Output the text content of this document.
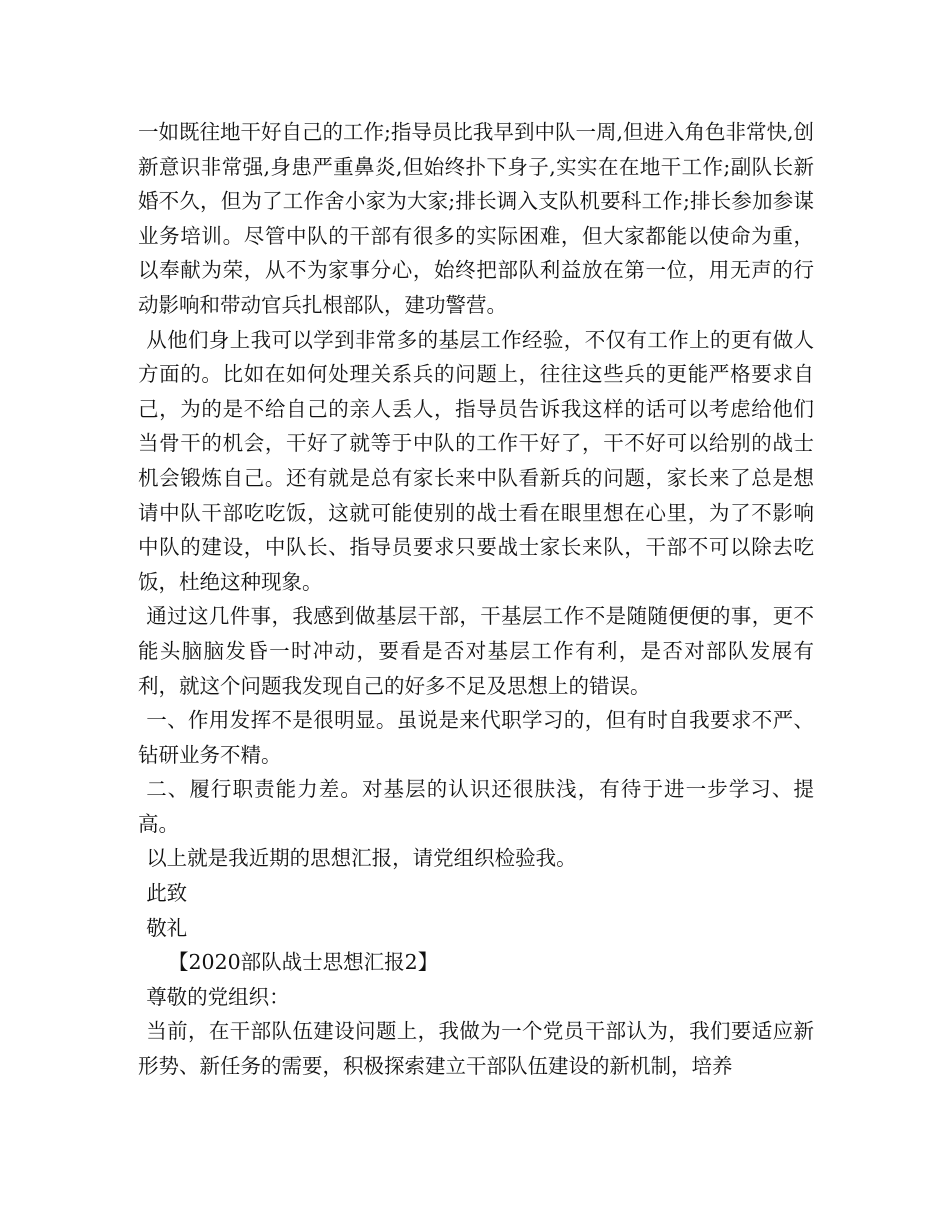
一如既往地干好自己的工作;指导员比我早到中队一周,但进入角色非常快,创新意识非常强,身患严重鼻炎,但始终扑下身子,实实在在地干工作;副队长新婚不久，但为了工作舍小家为大家;排长调入支队机要科工作;排长参加参谋业务培训。尽管中队的干部有很多的实际困难，但大家都能以使命为重，以奉献为荣，从不为家事分心，始终把部队利益放在第一位，用无声的行动影响和带动官兵扎根部队，建功警营。

从他们身上我可以学到非常多的基层工作经验，不仅有工作上的更有做人方面的。比如在如何处理关系兵的问题上，往往这些兵的更能严格要求自己，为的是不给自己的亲人丢人，指导员告诉我这样的话可以考虑给他们当骨干的机会，干好了就等于中队的工作干好了，干不好可以给别的战士机会锻炼自己。还有就是总有家长来中队看新兵的问题，家长来了总是想请中队干部吃吃饭，这就可能使别的战士看在眼里想在心里，为了不影响中队的建设，中队长、指导员要求只要战士家长来队，干部不可以除去吃饭，杜绝这种现象。

通过这几件事，我感到做基层干部，干基层工作不是随随便便的事，更不能头脑脑发昏一时冲动，要看是否对基层工作有利，是否对部队发展有利，就这个问题我发现自己的好多不足及思想上的错误。

一、作用发挥不是很明显。虽说是来代职学习的，但有时自我要求不严、钻研业务不精。

二、履行职责能力差。对基层的认识还很肤浅，有待于进一步学习、提高。

以上就是我近期的思想汇报，请党组织检验我。

此致

敬礼

【2020部队战士思想汇报2】

尊敬的党组织：

当前，在干部队伍建设问题上，我做为一个党员干部认为，我们要适应新形势、新任务的需要，积极探索建立干部队伍建设的新机制，培养
